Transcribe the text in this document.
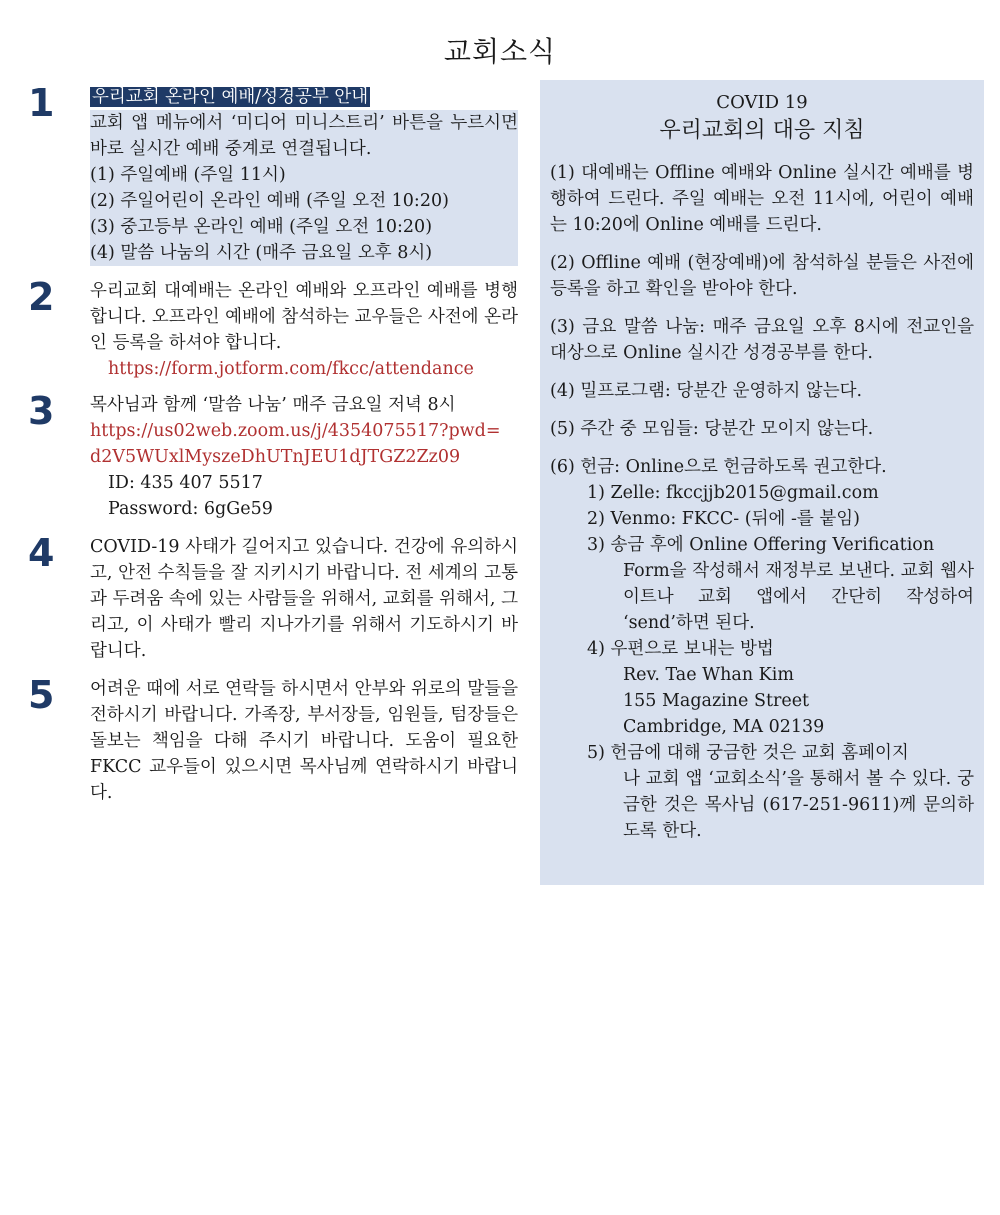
교회소식
1 우리교회 온라인 예배/성경공부 안내
교회 앱 메뉴에서 ‘미디어 미니스트리’ 바튼을 누르시면 바로 실시간 예배 중계로 연결됩니다.
(1) 주일예배 (주일 11시)
(2) 주일어린이 온라인 예배 (주일 오전 10:20)
(3) 중고등부 온라인 예배 (주일 오전 10:20)
(4) 말씀 나눔의 시간 (매주 금요일 오후 8시)
2 우리교회 대예배는 온라인 예배와 오프라인 예배를 병행합니다. 오프라인 예배에 참석하는 교우들은 사전에 온라인 등록을 하셔야 합니다.
https://form.jotform.com/fkcc/attendance
3 목사님과 함께 ‘말씀 나눔’ 매주 금요일 저녁 8시
https://us02web.zoom.us/j/4354075517?pwd=
d2V5WUxlMyszeDhUTnJEU1dJTGZ2Zz09
ID: 435 407 5517
Password: 6gGe59
4 COVID-19 사태가 길어지고 있습니다. 건강에 유의하시고, 안전 수칙들을 잘 지키시기 바랍니다. 전 세계의 고통과 두려움 속에 있는 사람들을 위해서, 교회를 위해서, 그리고, 이 사태가 빨리 지나가기를 위해서 기도하시기 바랍니다.
5 어려운 때에 서로 연락들 하시면서 안부와 위로의 말들을 전하시기 바랍니다. 가족장, 부서장들, 임원들, 텀장들은 돌보는 책임을 다해 주시기 바랍니다. 도움이 필요한 FKCC 교우들이 있으시면 목사님께 연락하시기 바랍니다.
COVID 19
우리교회의 대응 지침
(1) 대예배는 Offline 예배와 Online 실시간 예배를 병행하여 드린다. 주일 예배는 오전 11시에, 어린이 예배는 10:20에 Online 예배를 드린다.
(2) Offline 예배 (현장예배)에 참석하실 분들은 사전에 등록을 하고 확인을 받아야 한다.
(3) 금요 말씀 나눔: 매주 금요일 오후 8시에 전교인을 대상으로 Online 실시간 성경공부를 한다.
(4) 밀프로그램: 당분간 운영하지 않는다.
(5) 주간 중 모임들: 당분간 모이지 않는다.
(6) 헌금: Online으로 헌금하도록 권고한다.
1) Zelle: fkccjjb2015@gmail.com
2) Venmo: FKCC- (뒤에 -를 붙임)
3) 송금 후에 Online Offering Verification
Form을 작성해서 재정부로 보낸다. 교회 웹사이트나 교회 앱에서 간단히 작성하여 ‘send’하면 된다.
4) 우편으로 보내는 방법
Rev. Tae Whan Kim
155 Magazine Street
Cambridge, MA 02139
5) 헌금에 대해 궁금한 것은 교회 홈페이지
나 교회 앱 ‘교회소식’을 통해서 볼 수 있다. 궁금한 것은 목사님 (617-251-9611)께 문의하도록 한다.
